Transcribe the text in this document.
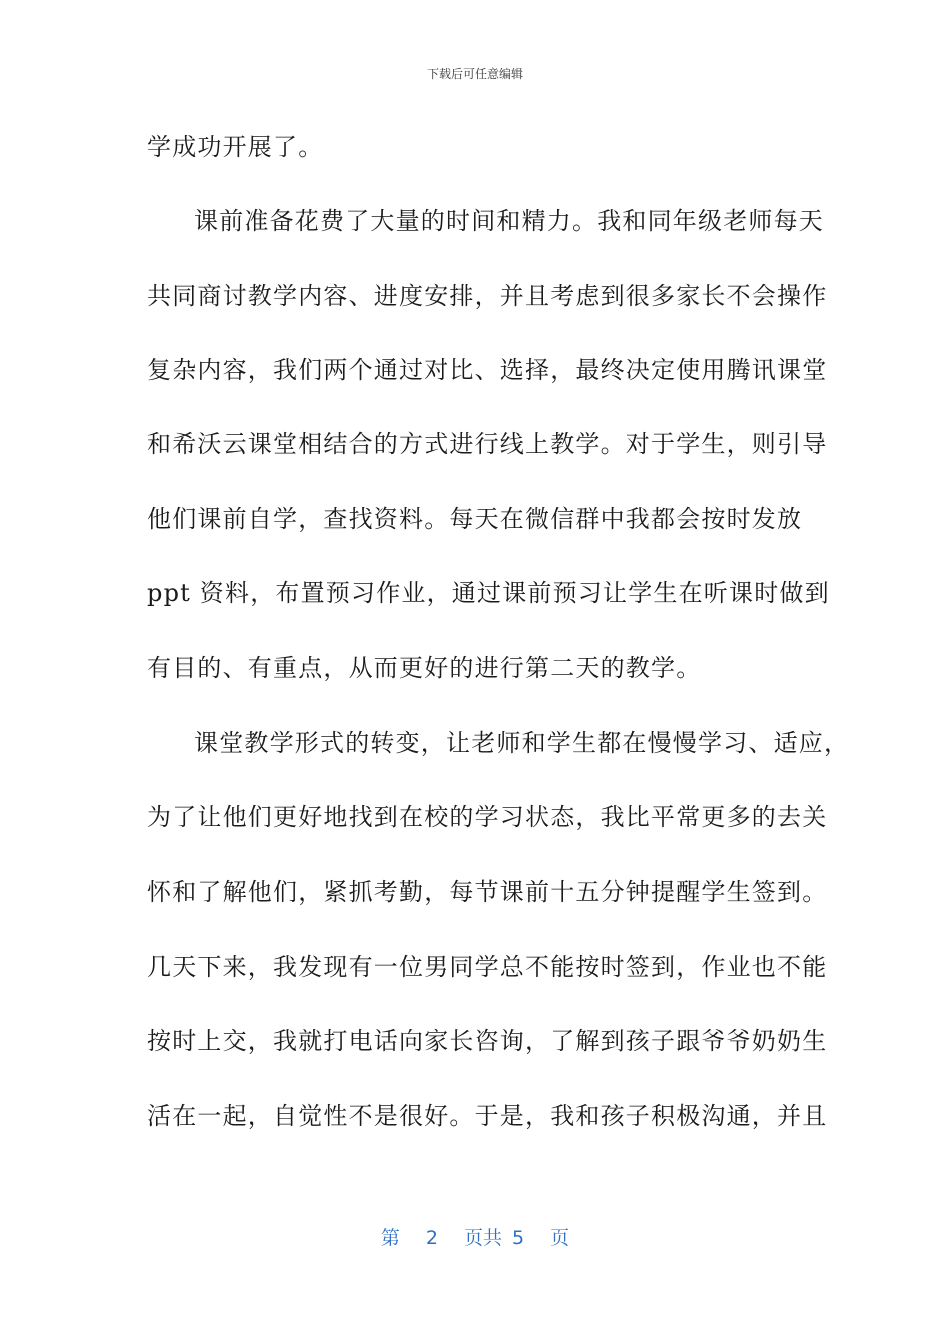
下载后可任意编辑
学成功开展了。
课前准备花费了大量的时间和精力。我和同年级老师每天
共同商讨教学内容、进度安排，并且考虑到很多家长不会操作
复杂内容，我们两个通过对比、选择，最终决定使用腾讯课堂
和希沃云课堂相结合的方式进行线上教学。对于学生，则引导
他们课前自学，查找资料。每天在微信群中我都会按时发放
ppt 资料，布置预习作业，通过课前预习让学生在听课时做到
有目的、有重点，从而更好的进行第二天的教学。
课堂教学形式的转变，让老师和学生都在慢慢学习、适应，
为了让他们更好地找到在校的学习状态，我比平常更多的去关
怀和了解他们，紧抓考勤，每节课前十五分钟提醒学生签到。
几天下来，我发现有一位男同学总不能按时签到，作业也不能
按时上交，我就打电话向家长咨询，了解到孩子跟爷爷奶奶生
活在一起，自觉性不是很好。于是，我和孩子积极沟通，并且
第 2 页共 5 页
